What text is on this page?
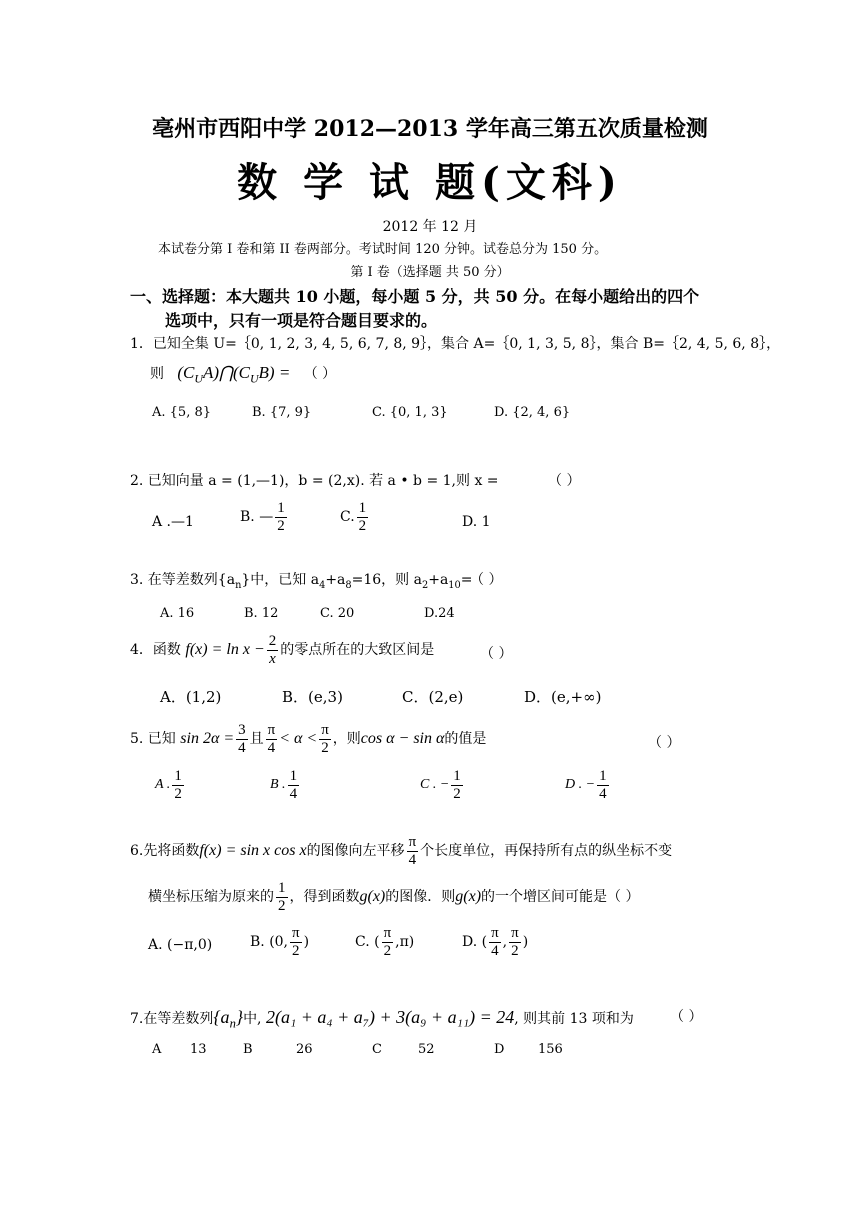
亳州市西阳中学 2012—2013 学年高三第五次质量检测
数 学 试 题(文科)
2012 年 12 月
本试卷分第 I 卷和第 II 卷两部分。考试时间 120 分钟。试卷总分为 150 分。
第 I 卷（选择题 共 50 分）
一、选择题：本大题共 10 小题，每小题 5 分，共 50 分。在每小题给出的四个
选项中，只有一项是符合题目要求的。
1．已知全集 U=｛0, 1, 2, 3, 4, 5, 6, 7, 8, 9｝，集合 A=｛0, 1, 3, 5, 8｝，集合 B=｛2, 4, 5, 6, 8｝，
则 $(C_UA)⋂(C_UB)$ = （ ）
A. {5, 8}	B. {7, 9}	C. {0, 1, 3}	D. {2, 4, 6}
2. 已知向量 a = (1,—1)，b = (2,x). 若 a • b = 1,则 x =	（ ）
A .—1	B. — $\frac{1}{2}$	C. $\frac{1}{2}$	D. 1
3. 在等差数列$\{a_n\}$中，已知 $a_4+a_8=16$，则 $a_2+a_{10}=$
（ ）
A. 16	B. 12	C. 20	D.24
4．函数 $f(x) = \ln x - \frac{2}{x}$ 的零点所在的大致区间是	（ ）
A．(1,2)	B．(e,3)	C．(2,e)	D．(e,+∞)
5. 已知 $\sin 2\alpha = \frac{3}{4}$ 且 $\frac{\pi}{4} < \alpha < \frac{\pi}{2}$ ，则cos α − sin α的值是	（ ）
A . $\frac{1}{2}$	B . $\frac{1}{4}$	C . − $\frac{1}{2}$	D . − $\frac{1}{4}$
6.先将函数f(x) = sin x cos x的图像向左平移 $\frac{\pi}{4}$ 个长度单位，再保持所有点的纵坐标不变
横坐标压缩为原来的 $\frac{1}{2}$ ，得到函数g(x)的图像．则g(x)的一个增区间可能是（ ）
A. (−π,0)	B. (0, $\frac{\pi}{2}$ )	C. ( $\frac{\pi}{2} ,\pi$)	D. ( $\frac{\pi}{4}$ , $\frac{\pi}{2}$ )
7.在等差数列$\{a_n\}$中, 2(a₁ + a₄ + a₇) + 3(a₉ + a₁₁) = 24, 则其前 13 项和为	（ ）
A 13	B	26	C	52	D	156
